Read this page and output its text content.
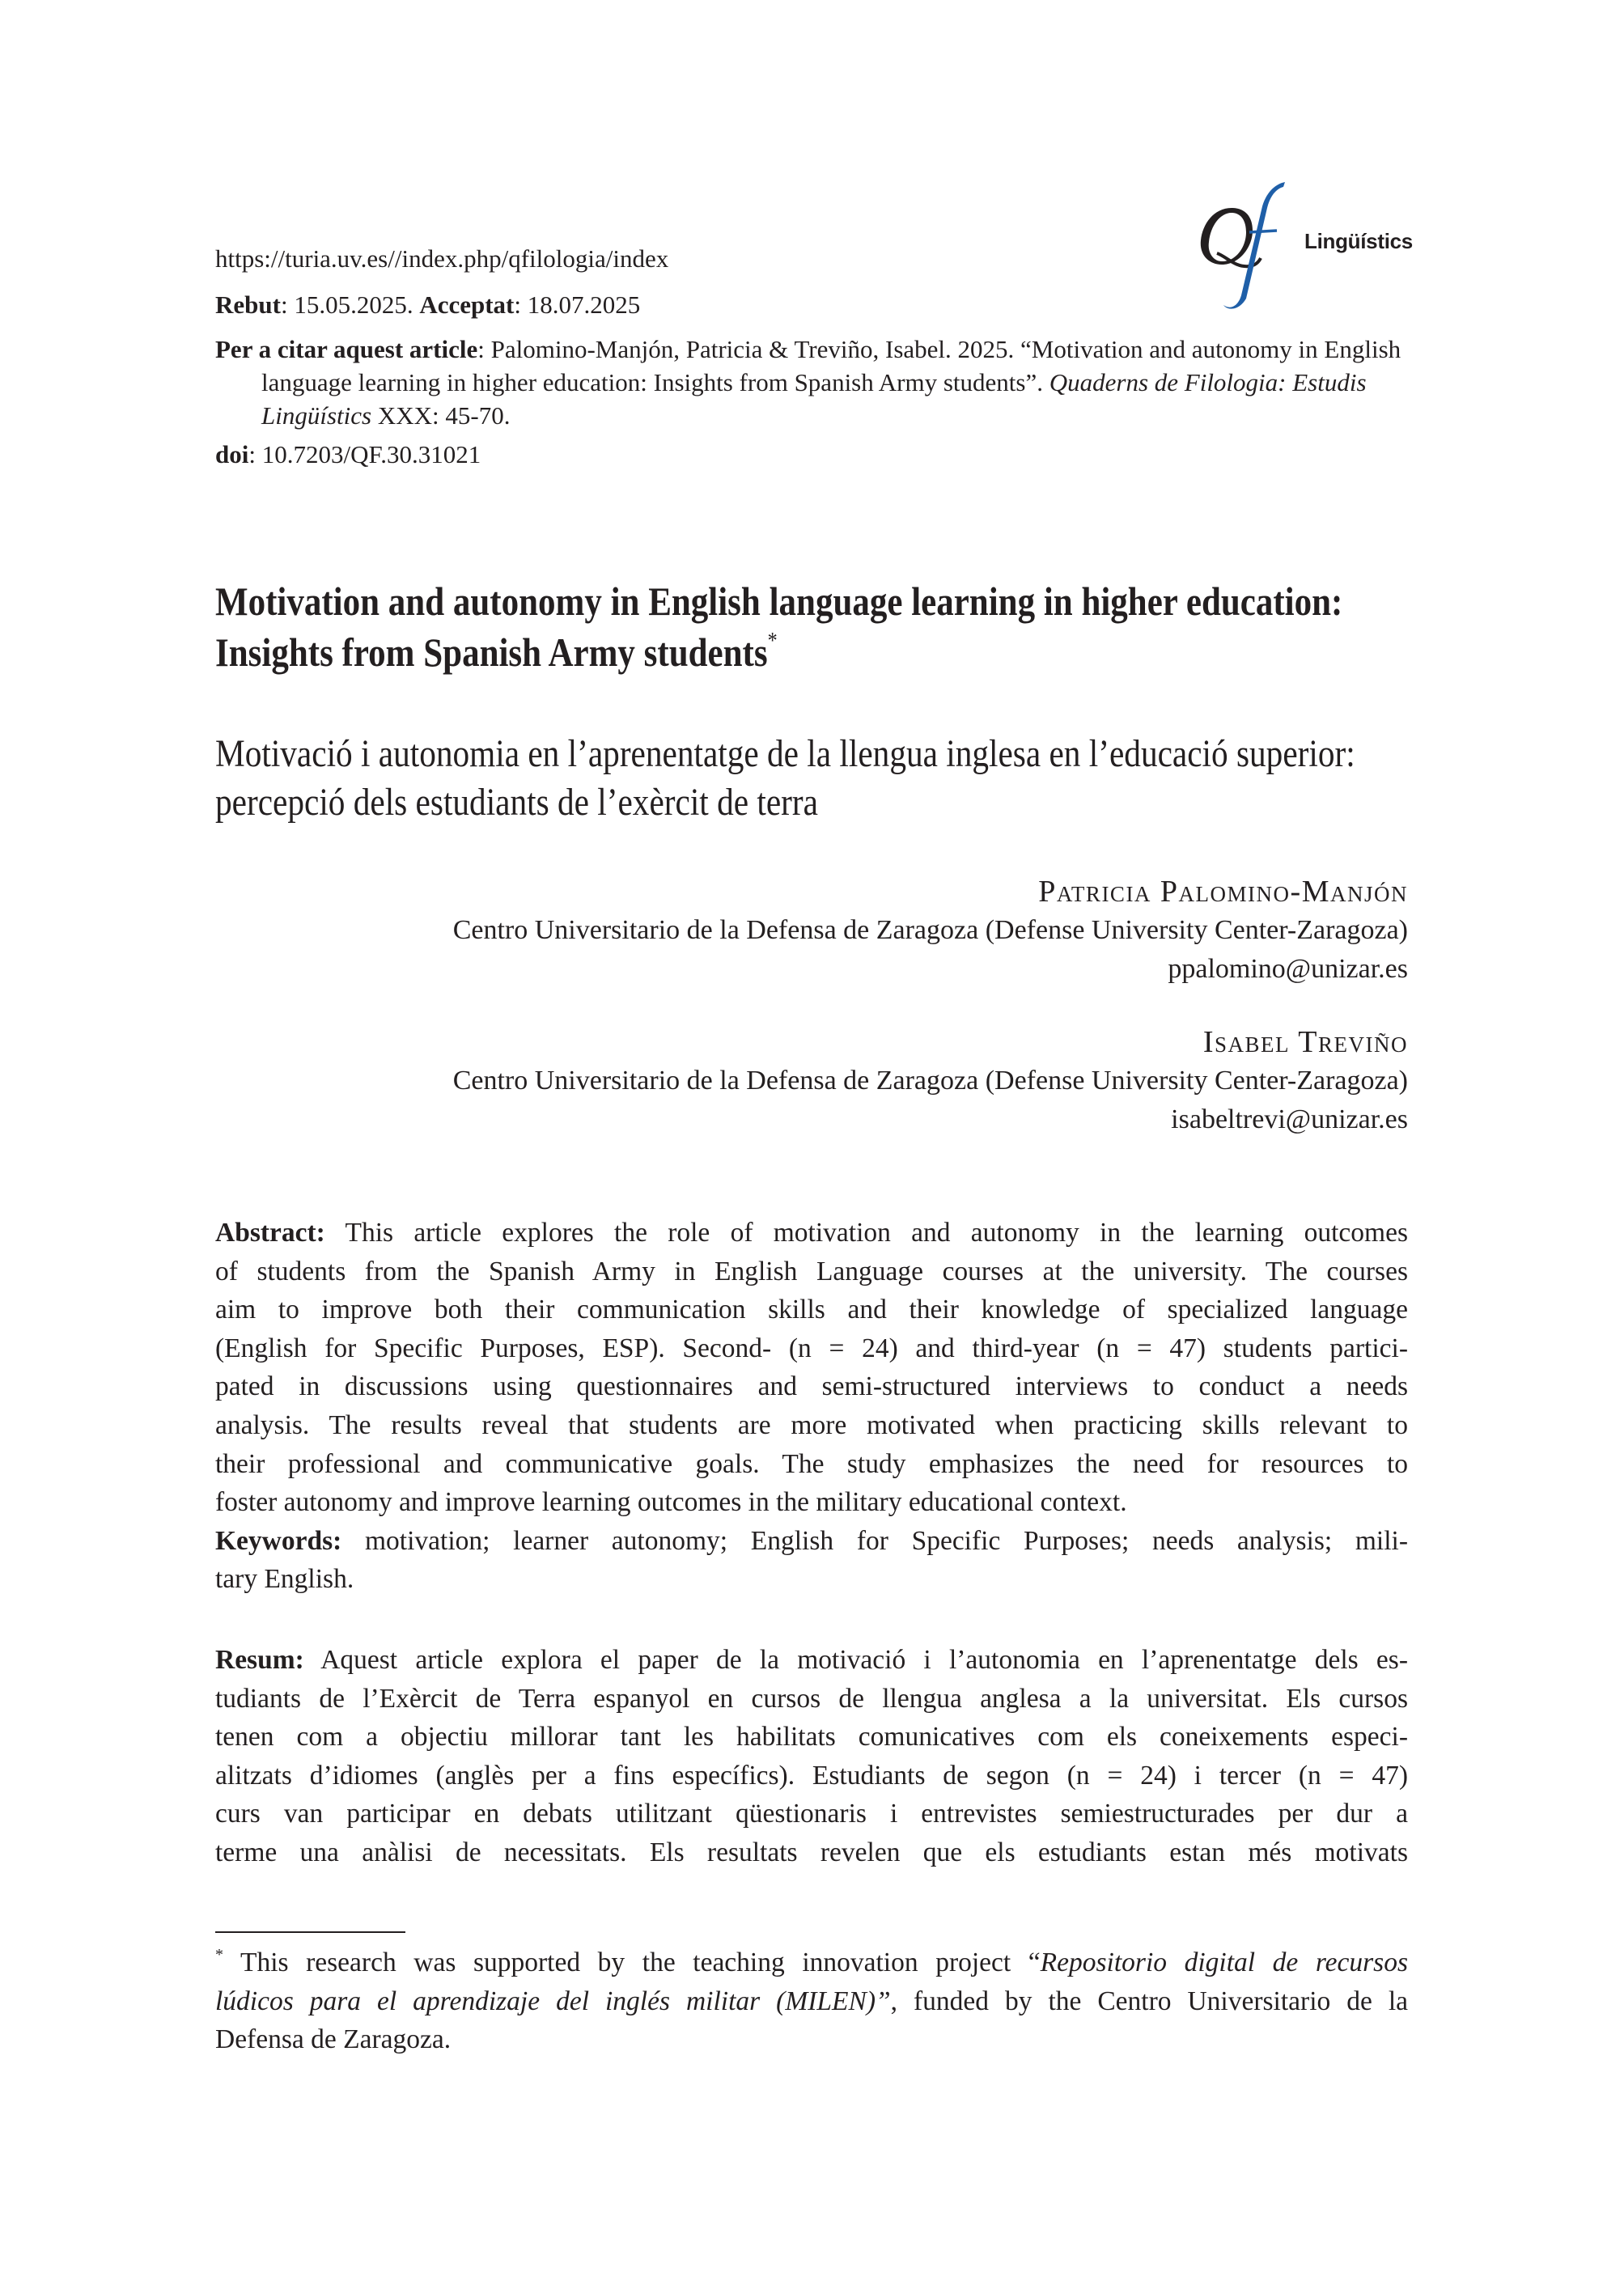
https://turia.uv.es//index.php/qfilologia/index
Rebut: 15.05.2025. Acceptat: 18.07.2025
Per a citar aquest article: Palomino-Manjón, Patricia & Treviño, Isabel. 2025. “Motivation and autonomy in English language learning in higher education: Insights from Spanish Army students”. Quaderns de Filologia: Estudis Lingüístics XXX: 45-70.
doi: 10.7203/QF.30.31021
Lingüístics
Motivation and autonomy in English language learning in higher education:
Insights from Spanish Army students*
Motivació i autonomia en l’aprenentatge de la llengua inglesa en l’educació superior:
percepció dels estudiants de l’exèrcit de terra
Patricia Palomino-Manjón
Centro Universitario de la Defensa de Zaragoza (Defense University Center-Zaragoza)
ppalomino@unizar.es
Isabel Treviño
Centro Universitario de la Defensa de Zaragoza (Defense University Center-Zaragoza)
isabeltrevi@unizar.es
Abstract: This article explores the role of motivation and autonomy in the learning outcomes
of students from the Spanish Army in English Language courses at the university. The courses
aim to improve both their communication skills and their knowledge of specialized language
(English for Specific Purposes, ESP). Second- (n = 24) and third-year (n = 47) students partici-
pated in discussions using questionnaires and semi-structured interviews to conduct a needs
analysis. The results reveal that students are more motivated when practicing skills relevant to
their professional and communicative goals. The study emphasizes the need for resources to
foster autonomy and improve learning outcomes in the military educational context.
Keywords: motivation; learner autonomy; English for Specific Purposes; needs analysis; mili-
tary English.
Resum: Aquest article explora el paper de la motivació i l’autonomia en l’aprenentatge dels es-
tudiants de l’Exèrcit de Terra espanyol en cursos de llengua anglesa a la universitat. Els cursos
tenen com a objectiu millorar tant les habilitats comunicatives com els coneixements especi-
alitzats d’idiomes (anglès per a fins específics). Estudiants de segon (n = 24) i tercer (n = 47)
curs van participar en debats utilitzant qüestionaris i entrevistes semiestructurades per dur a
terme una anàlisi de necessitats. Els resultats revelen que els estudiants estan més motivats
* This research was supported by the teaching innovation project “Repositorio digital de recursos
lúdicos para el aprendizaje del inglés militar (MILEN)”, funded by the Centro Universitario de la
Defensa de Zaragoza.
